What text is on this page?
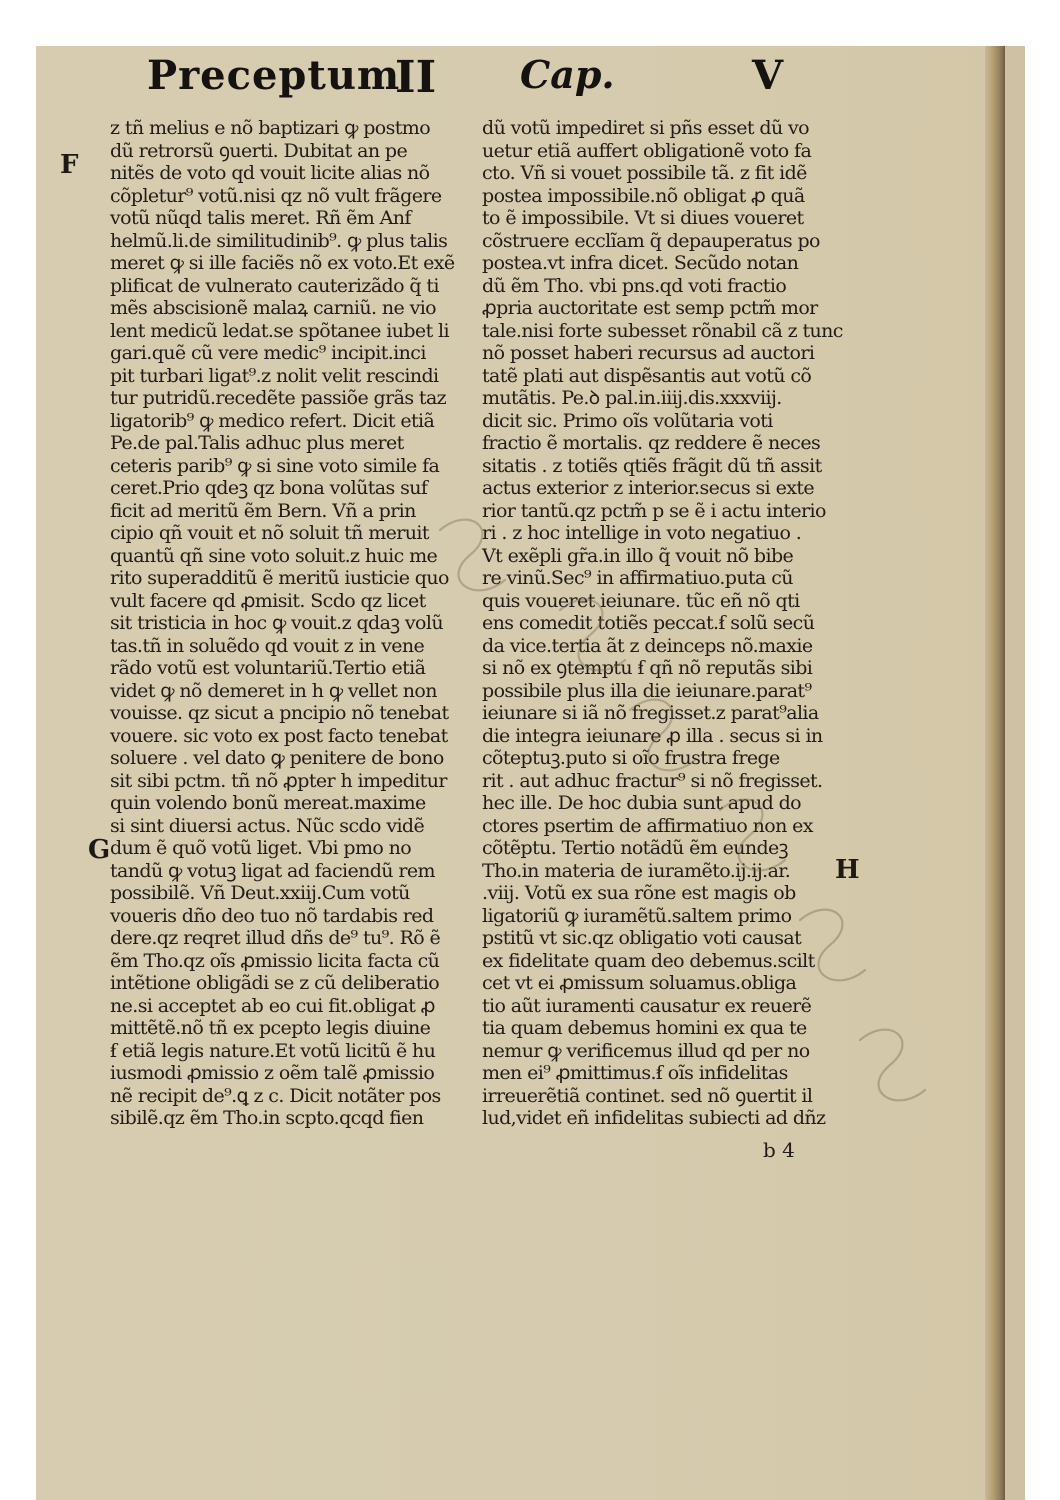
Preceptum
II Cap.	V
F
G
H
z tñ melius e nõ baptizari ꝙ postmo
dũ retrorsũ ꝯuerti. Dubitat an pe
nitẽs de voto qd vouit licite alias nõ
cõpletur⁹ votũ.nisi qz nõ vult frãgere
votũ nũqd talis meret. Rñ ẽm Anf
helmũ.li.de similitudinib⁹. ꝙ plus talis
meret ꝙ si ille faciẽs nõ ex voto.Et exẽ
plificat de vulnerato cauterizãdo q̃ ti
mẽs abscisionẽ malaꝝ carniũ. ne vio
lent medicũ ledat.se spõtanee iubet li
gari.quẽ cũ vere medic⁹ incipit.inci
pit turbari ligat⁹.z nolit velit rescindi
tur putridũ.recedẽte passiõe grãs taz
ligatorib⁹ ꝙ medico refert. Dicit etiã
Pe.de pal.Talis adhuc plus meret
ceteris parib⁹ ꝙ si sine voto simile fa
ceret.Prio qdeꝫ qz bona volũtas suf
ficit ad meritũ ẽm Bern. Vñ a prin
cipio qñ vouit et nõ soluit tñ meruit
quantũ qñ sine voto soluit.z huic me
rito superadditũ ẽ meritũ iusticie quo
vult facere qd ꝓmisit. Scdo qz licet
sit tristicia in hoc ꝙ vouit.z qdaꝫ volũ
tas.tñ in soluẽdo qd vouit z in vene
rãdo votũ est voluntariũ.Tertio etiã
videt ꝙ nõ demeret in h ꝙ vellet non
vouisse. qz sicut a pncipio nõ tenebat
vouere. sic voto ex post facto tenebat
soluere . vel dato ꝙ penitere de bono
sit sibi pctm. tñ nõ ꝓpter h impeditur
quin volendo bonũ mereat.maxime
si sint diuersi actus. Nũc scdo vidẽ
dum ẽ quõ votũ liget. Vbi pmo no
tandũ ꝙ votuꝫ ligat ad faciendũ rem
possibilẽ. Vñ Deut.xxiij.Cum votũ
voueris dño deo tuo nõ tardabis red
dere.qz reqret illud dñs de⁹ tu⁹. Rõ ẽ
ẽm Tho.qz oĩs ꝓmissio licita facta cũ
intẽtione obligãdi se z cũ deliberatio
ne.si acceptet ab eo cui fit.obligat ꝓ
mittẽtẽ.nõ tñ ex pcepto legis diuine
ẜ etiã legis nature.Et votũ licitũ ẽ hu
iusmodi ꝓmissio z oẽm talẽ ꝓmissio
nẽ recipit de⁹.ꝗ z c. Dicit notãter pos
sibilẽ.qz ẽm Tho.in scpto.qcqd fien
dũ votũ impediret si pñs esset dũ vo
uetur etiã auffert obligationẽ voto fa
cto. Vñ si vouet possibile tã. z fit idẽ
postea impossibile.nõ obligat ꝓ quã
to ẽ impossibile. Vt si diues voueret
cõstruere ecclĩam q̃ depauperatus po
postea.vt infra dicet. Secũdo notan
dũ ẽm Tho. vbi pns.qd voti fractio
ꝓpria auctoritate est semp pctm̃ mor
tale.nisi forte subesset rõnabil cã z tunc
nõ posset haberi recursus ad auctori
tatẽ plati aut dispẽsantis aut votũ cõ
mutãtis. Pe.ꝺ pal.in.iiij.dis.xxxviij.
dicit sic. Primo oĩs volũtaria voti
fractio ẽ mortalis. qz reddere ẽ neces
sitatis . z totiẽs qtiẽs frãgit dũ tñ assit
actus exterior z interior.secus si exte
rior tantũ.qz pctm̃ p se ẽ i actu interio
ri . z hoc intellige in voto negatiuo .
Vt exẽpli gr̃a.in illo q̃ vouit nõ bibe
re vinũ.Sec⁹ in affirmatiuo.puta cũ
quis voueret ieiunare. tũc eñ nõ qti
ens comedit totiẽs peccat.ẜ solũ secũ
da vice.tertia ãt z deinceps nõ.maxie
si nõ ex ꝯtemptu ẜ qñ nõ reputãs sibi
possibile plus illa die ieiunare.parat⁹
ieiunare si iã nõ fregisset.z parat⁹alia
die integra ieiunare ꝓ illa . secus si in
cõteptuꝫ.puto si oĩo frustra frege
rit . aut adhuc fractur⁹ si nõ fregisset.
hec ille. De hoc dubia sunt apud do
ctores psertim de affirmatiuo non ex
cõtẽptu. Tertio notãdũ ẽm eundeꝫ
Tho.in materia de iuramẽto.ij.ij.ar.
.viij. Votũ ex sua rõne est magis ob
ligatoriũ ꝙ iuramẽtũ.saltem primo
pstitũ vt sic.qz obligatio voti causat
ex fidelitate quam deo debemus.scilt
cet vt ei ꝓmissum soluamus.obliga
tio aũt iuramenti causatur ex reuerẽ
tia quam debemus homini ex qua te
nemur ꝙ verificemus illud qd per no
men ei⁹ ꝓmittimus.ẜ oĩs infidelitas
irreuerẽtiã continet. sed nõ ꝯuertit il
lud,videt eñ infidelitas subiecti ad dñz
b 4
